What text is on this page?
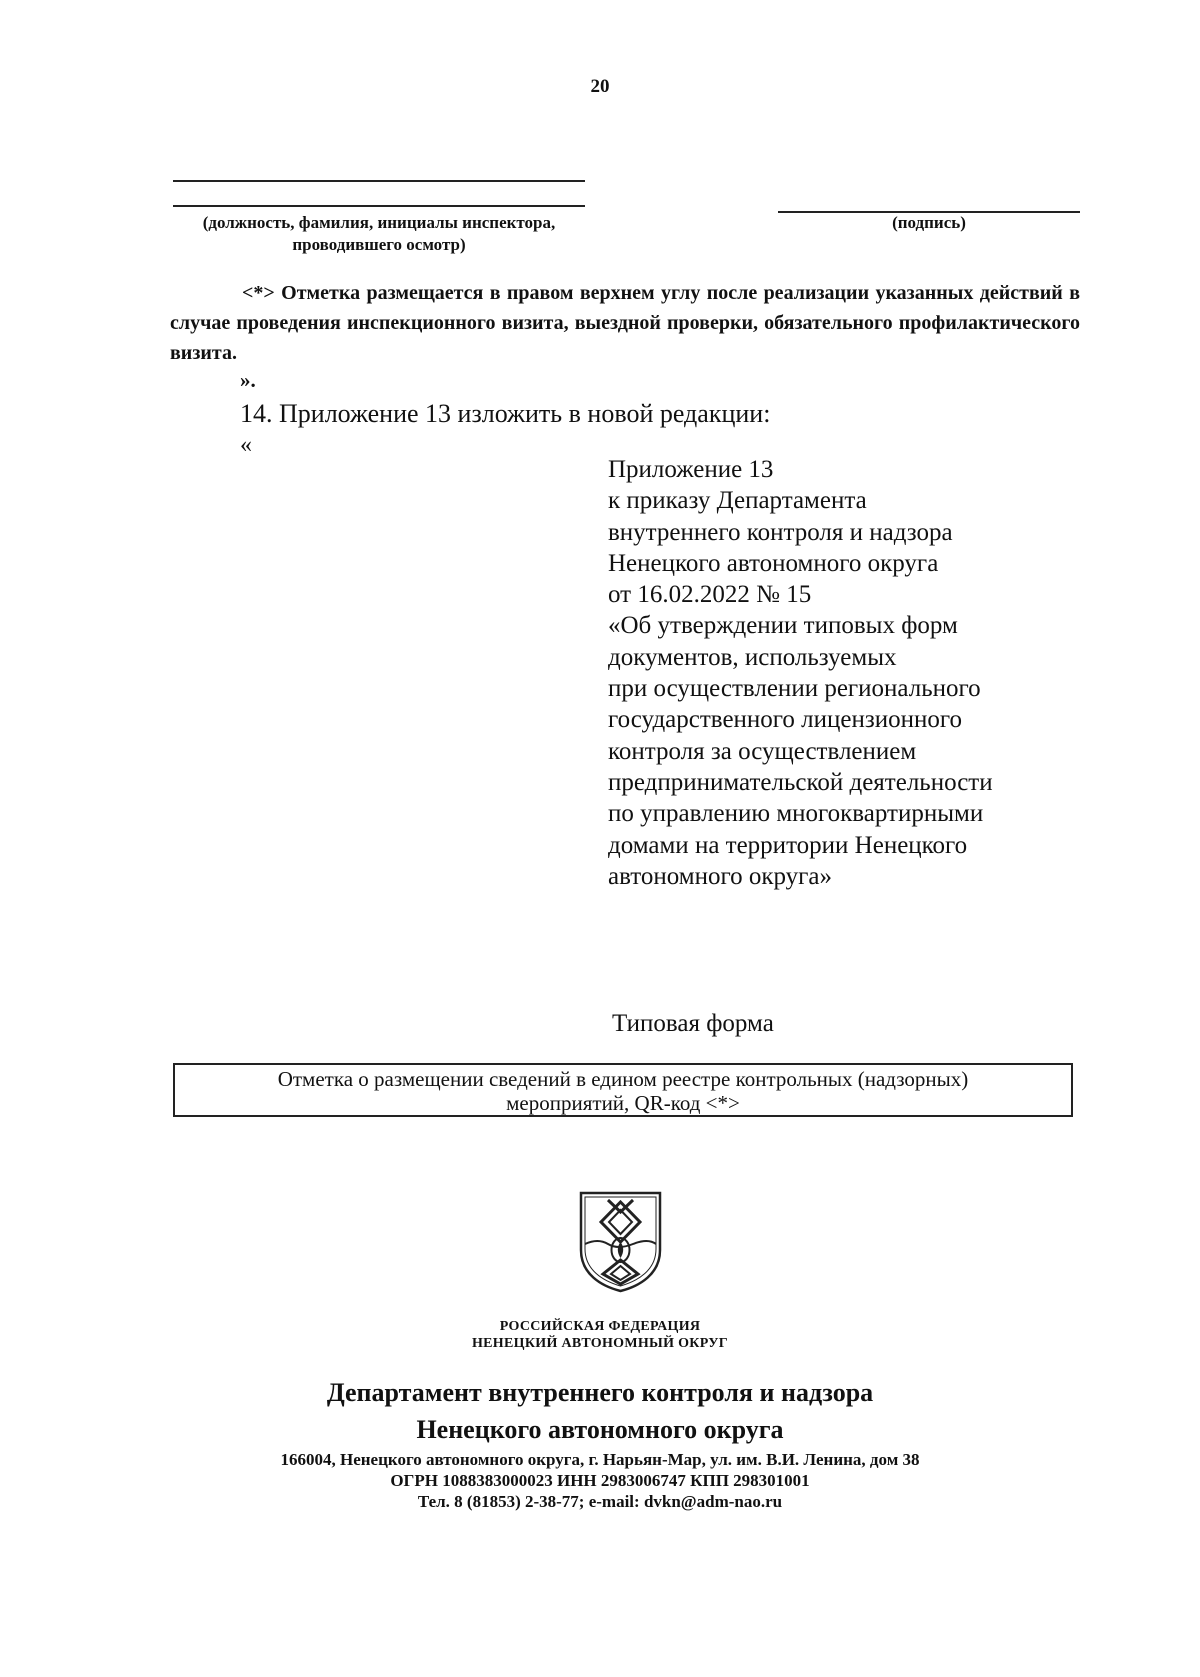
20
(должность, фамилия, инициалы инспектора,
проводившего осмотр)
(подпись)
<*> Отметка размещается в правом верхнем углу после реализации указанных действий в случае проведения инспекционного визита, выездной проверки, обязательного профилактического визита.
».
14. Приложение 13 изложить в новой редакции:
«
Приложение 13
к приказу Департамента
внутреннего контроля и надзора
Ненецкого автономного округа
от 16.02.2022 № 15
«Об утверждении типовых форм
документов, используемых
при осуществлении регионального
государственного лицензионного
контроля за осуществлением
предпринимательской деятельности
по управлению многоквартирными
домами на территории Ненецкого
автономного округа»
Типовая форма
Отметка о размещении сведений в едином реестре контрольных (надзорных)
мероприятий, QR-код <*>
РОССИЙСКАЯ ФЕДЕРАЦИЯ
НЕНЕЦКИЙ АВТОНОМНЫЙ ОКРУГ
Департамент внутреннего контроля и надзора
Ненецкого автономного округа
166004, Ненецкого автономного округа, г. Нарьян-Мар, ул. им. В.И. Ленина, дом 38
ОГРН 1088383000023 ИНН 2983006747 КПП 298301001
Тел. 8 (81853) 2-38-77; e-mail: dvkn@adm-nao.ru
